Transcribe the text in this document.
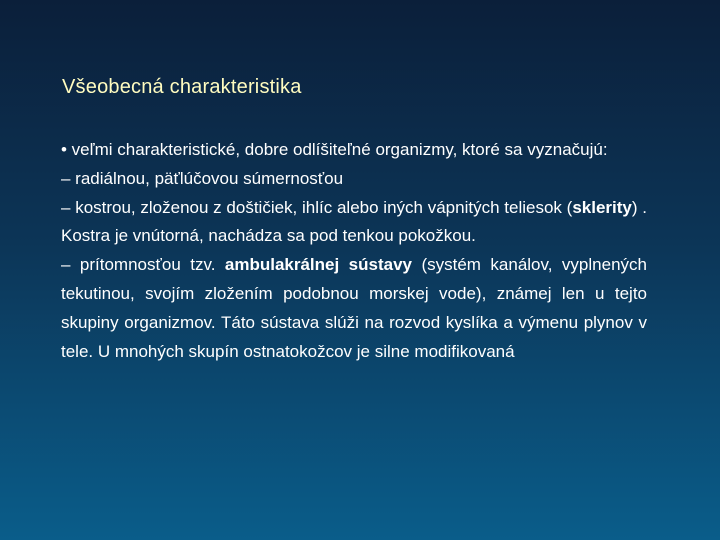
Všeobecná charakteristika

• veľmi charakteristické, dobre odlíšiteľné organizmy, ktoré sa vyznačujú:

– radiálnou, päťlúčovou súmernosťou

– kostrou, zloženou z doštičiek, ihlíc alebo iných vápnitých teliesok (sklerity) . Kostra je vnútorná, nachádza sa pod tenkou pokožkou.

– prítomnosťou tzv. ambulakrálnej sústavy (systém kanálov, vyplnených tekutinou, svojím zložením podobnou morskej vode), známej len u tejto skupiny organizmov. Táto sústava slúži na rozvod kyslíka a výmenu plynov v tele. U mnohých skupín ostnatokožcov je silne modifikovaná
